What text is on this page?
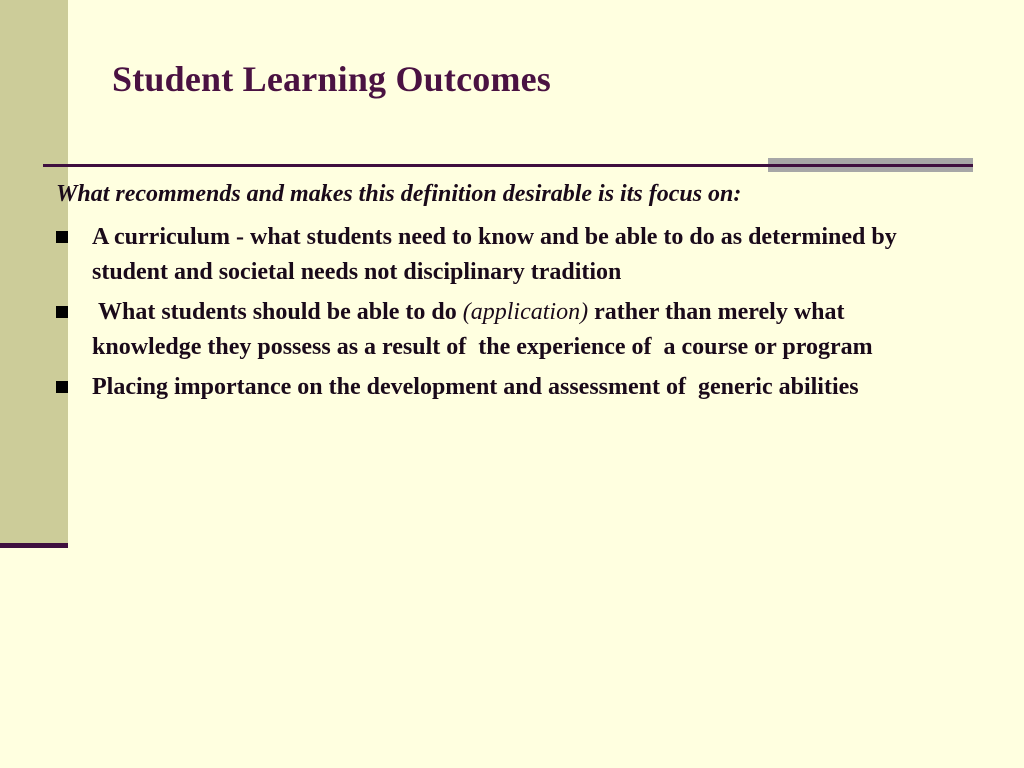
Student Learning Outcomes

What recommends and makes this definition desirable is its focus on:

A curriculum - what students need to know and be able to do as determined by student and societal needs not disciplinary tradition
What students should be able to do (application) rather than merely what knowledge they possess as a result of  the experience of  a course or program
Placing importance on the development and assessment of  generic abilities
